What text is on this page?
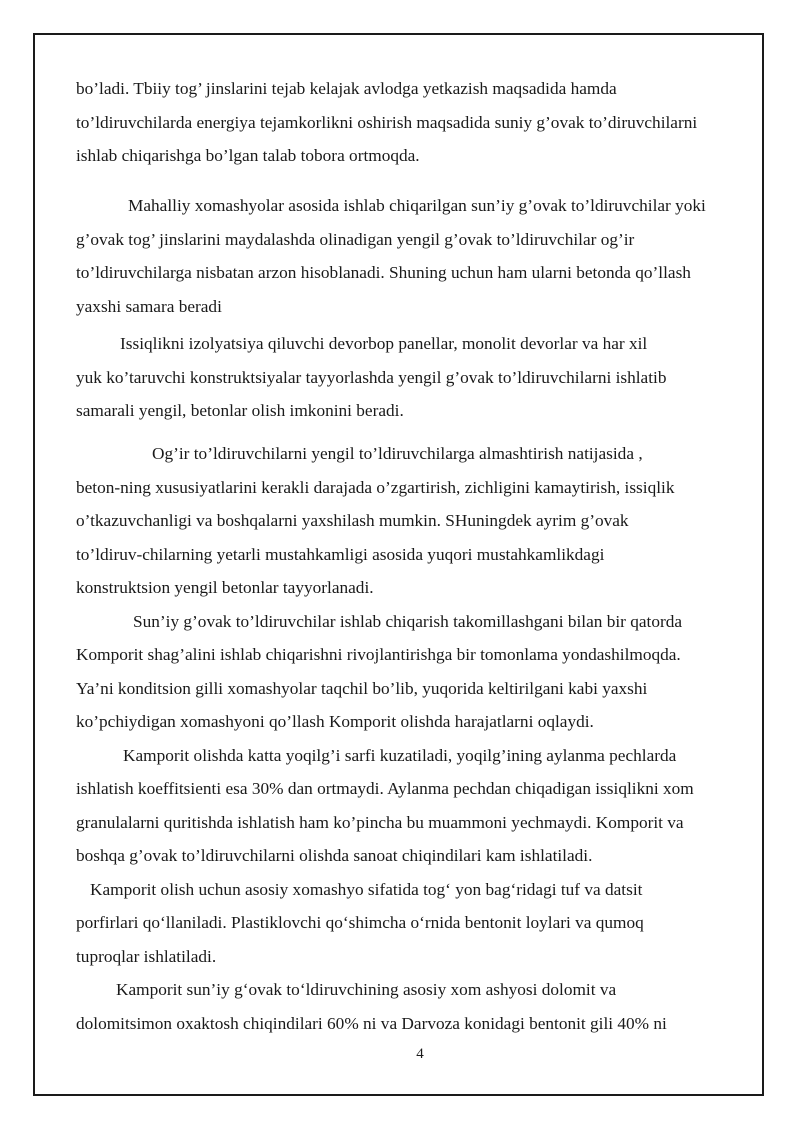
bo’ladi. Tbiiy tog’ jinslarini tejab kelajak avlodga yetkazish maqsadida hamda
to’ldiruvchilarda energiya tejamkorlikni oshirish maqsadida suniy g’ovak to’diruvchilarni
ishlab chiqarishga bo’lgan talab tobora ortmoqda.
Mahalliy xomashyolar asosida ishlab chiqarilgan sun’iy g’ovak to’ldiruvchilar yoki
g’ovak tog’ jinslarini maydalashda olinadigan yengil g’ovak to’ldiruvchilar og’ir
to’ldiruvchilarga nisbatan arzon hisoblanadi. Shuning uchun ham ularni betonda qo’llash
yaxshi samara beradi
Issiqlikni izolyatsiya qiluvchi devorbop panellar, monolit devorlar va har xil
yuk ko’taruvchi konstruktsiyalar tayyorlashda yengil g’ovak to’ldiruvchilarni ishlatib
samarali yengil, betonlar olish imkonini beradi.
Og’ir to’ldiruvchilarni yengil to’ldiruvchilarga almashtirish natijasida ,
beton-ning xususiyatlarini kerakli darajada o’zgartirish, zichligini kamaytirish, issiqlik
o’tkazuvchanligi va boshqalarni yaxshilash mumkin. SHuningdek ayrim g’ovak
to’ldiruv-chilarning yetarli mustahkamligi asosida yuqori mustahkamlikdagi
konstruktsion yengil betonlar tayyorlanadi.
Sun’iy g’ovak to’ldiruvchilar ishlab chiqarish takomillashgani bilan bir qatorda
Komporit shag’alini ishlab chiqarishni rivojlantirishga bir tomonlama yondashilmoqda.
Ya’ni konditsion gilli xomashyolar taqchil bo’lib, yuqorida keltirilgani kabi yaxshi
ko’pchiydigan xomashyoni qo’llash Komporit olishda harajatlarni oqlaydi.
Kamporit olishda katta yoqilg’i sarfi kuzatiladi, yoqilg’ining aylanma pechlarda
ishlatish koeffitsienti esa 30% dan ortmaydi. Aylanma pechdan chiqadigan issiqlikni xom
granulalarni quritishda ishlatish ham ko’pincha bu muammoni yechmaydi. Komporit va
boshqa g’ovak to’ldiruvchilarni olishda sanoat chiqindilari kam ishlatiladi.
Kamporit olish uchun asosiy xomashyo sifatida tog‘ yon bag‘ridagi tuf va datsit
porfirlari qo‘llaniladi. Plastiklovchi qo‘shimcha o‘rnida bentonit loylari va qumoq
tuproqlar ishlatiladi.
Kamporit sun’iy g‘ovak to‘ldiruvchining asosiy xom ashyosi dolomit va
dolomitsimon oxaktosh chiqindilari 60% ni va Darvoza konidagi bentonit gili 40% ni
4
